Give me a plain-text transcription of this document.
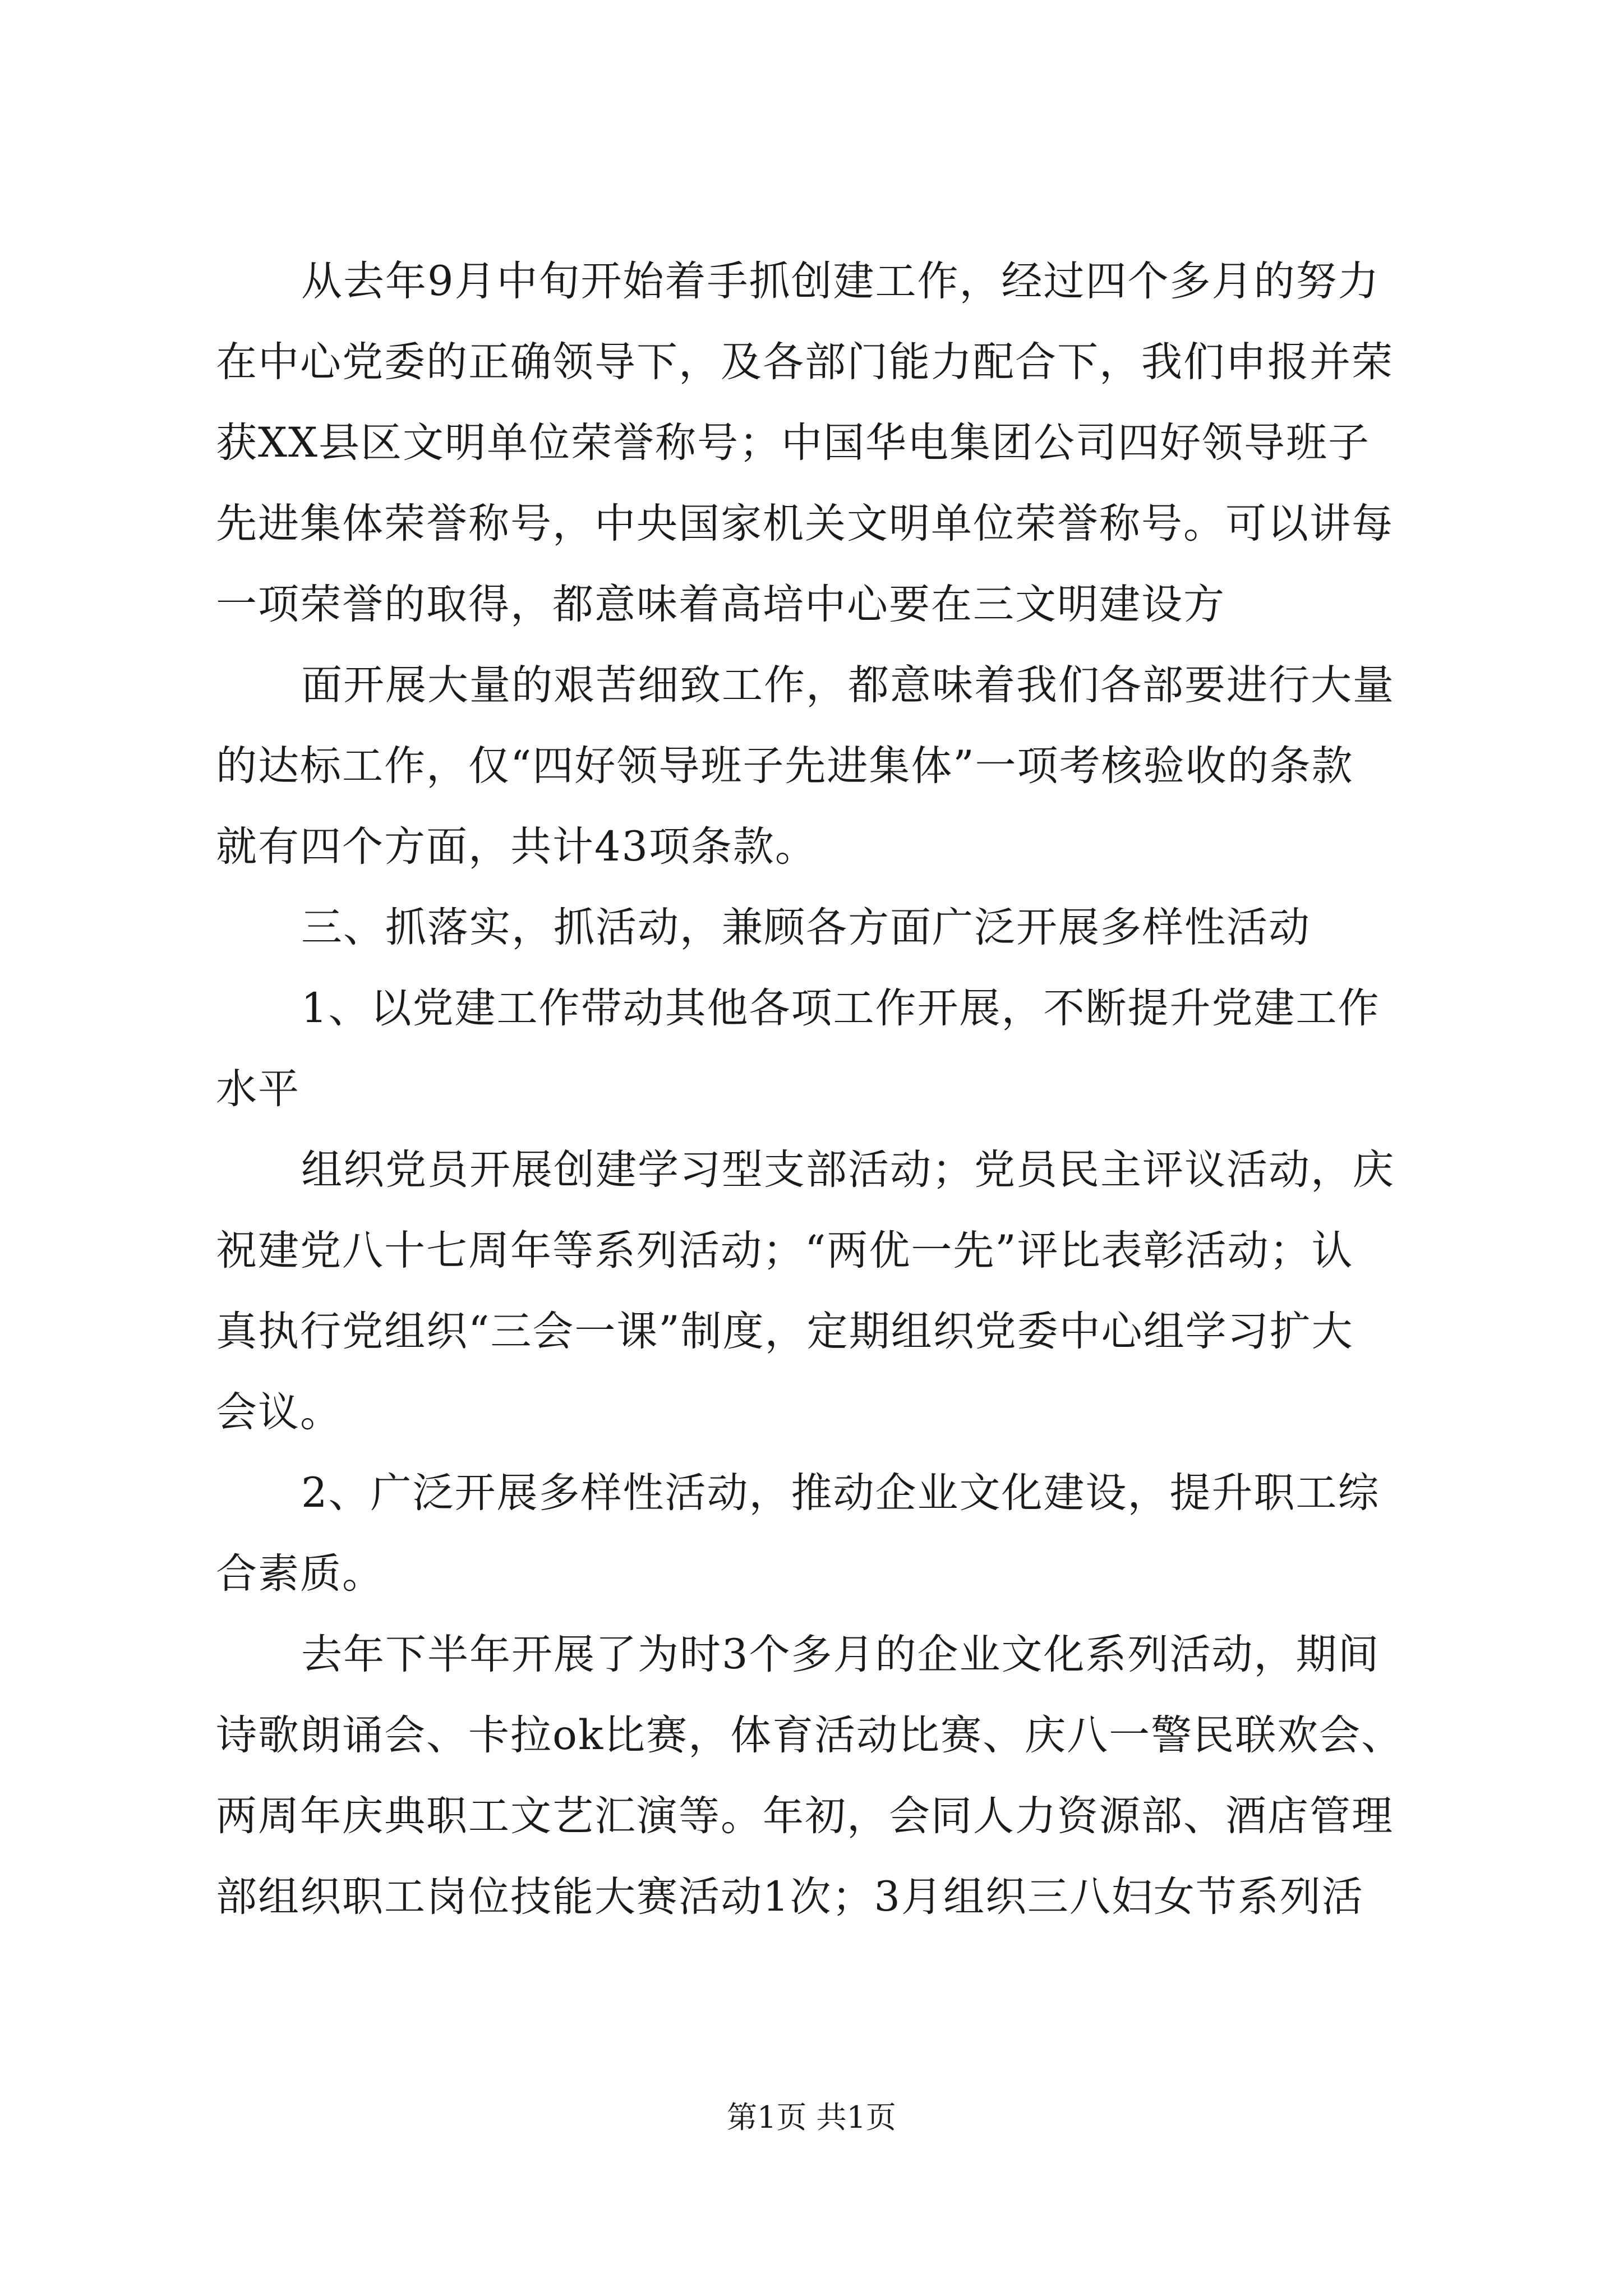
从去年9月中旬开始着手抓创建工作，经过四个多月的努力
在中心党委的正确领导下，及各部门能力配合下，我们申报并荣
获XX县区文明单位荣誉称号；中国华电集团公司四好领导班子
先进集体荣誉称号，中央国家机关文明单位荣誉称号。可以讲每
一项荣誉的取得，都意味着高培中心要在三文明建设方
面开展大量的艰苦细致工作，都意味着我们各部要进行大量
的达标工作，仅“四好领导班子先进集体”一项考核验收的条款
就有四个方面，共计43项条款。
三、抓落实，抓活动，兼顾各方面广泛开展多样性活动
1、以党建工作带动其他各项工作开展，不断提升党建工作
水平
组织党员开展创建学习型支部活动；党员民主评议活动，庆
祝建党八十七周年等系列活动；“两优一先”评比表彰活动；认
真执行党组织“三会一课”制度，定期组织党委中心组学习扩大
会议。
2、广泛开展多样性活动，推动企业文化建设，提升职工综
合素质。
去年下半年开展了为时3个多月的企业文化系列活动，期间
诗歌朗诵会、卡拉ok比赛，体育活动比赛、庆八一警民联欢会、
两周年庆典职工文艺汇演等。年初，会同人力资源部、酒店管理
部组织职工岗位技能大赛活动1次；3月组织三八妇女节系列活
第1页 共1页
